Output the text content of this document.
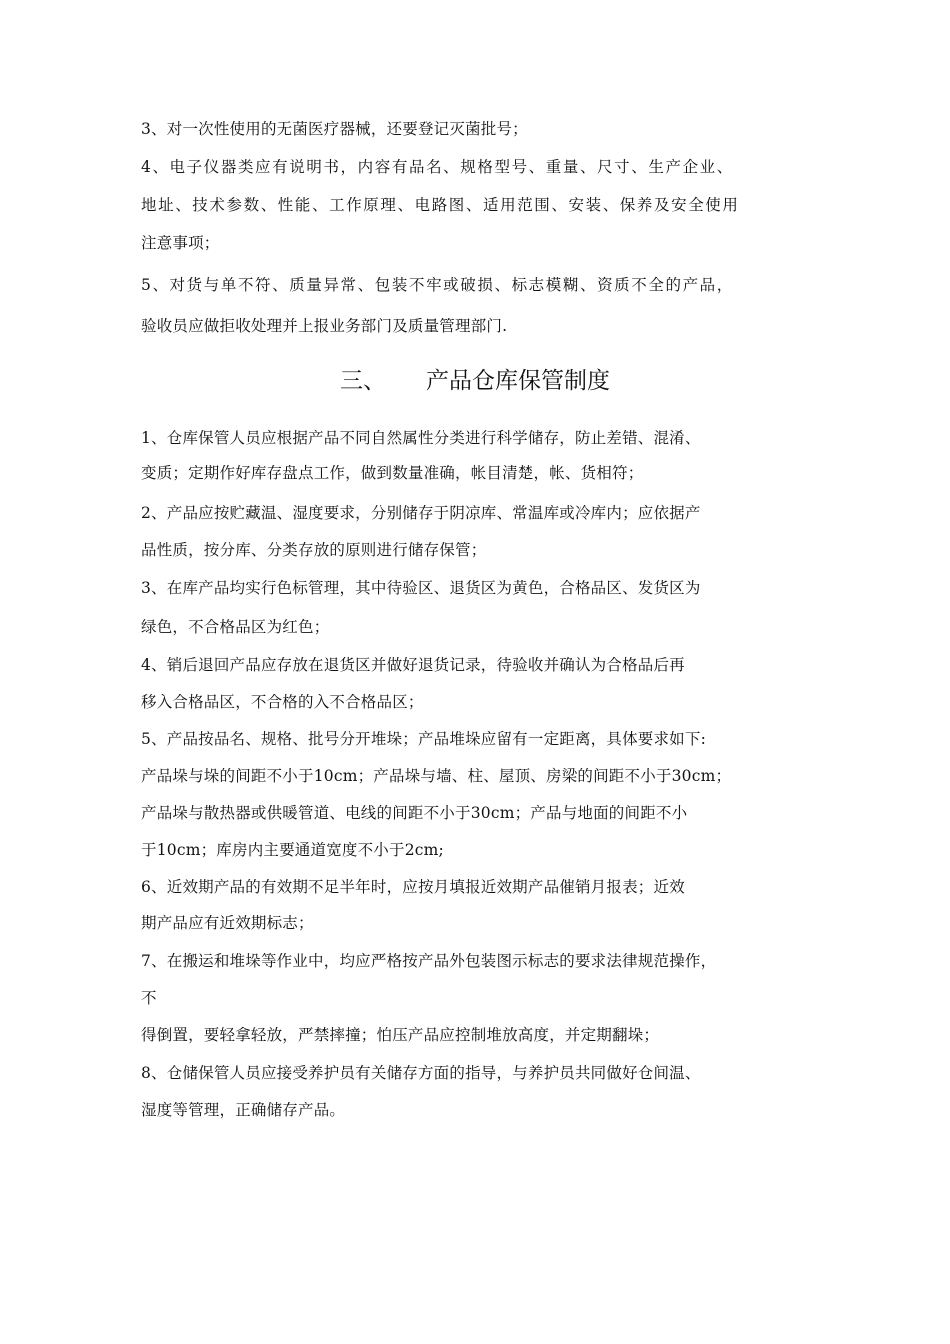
3、对一次性使用的无菌医疗器械，还要登记灭菌批号；
4、电子仪器类应有说明书，内容有品名、规格型号、重量、尺寸、生产企业、
地址、技术参数、性能、工作原理、电路图、适用范围、安装、保养及安全使用
注意事项；
5、对货与单不符、质量异常、包装不牢或破损、标志模糊、资质不全的产品，
验收员应做拒收处理并上报业务部门及质量管理部门.
三、 产品仓库保管制度
1、仓库保管人员应根据产品不同自然属性分类进行科学储存，防止差错、混淆、
变质；定期作好库存盘点工作，做到数量准确，帐目清楚，帐、货相符；
2、产品应按贮藏温、湿度要求，分别储存于阴凉库、常温库或冷库内；应依据产
品性质，按分库、分类存放的原则进行储存保管；
3、在库产品均实行色标管理，其中待验区、退货区为黄色，合格品区、发货区为
绿色，不合格品区为红色；
4、销后退回产品应存放在退货区并做好退货记录，待验收并确认为合格品后再
移入合格品区，不合格的入不合格品区；
5、产品按品名、规格、批号分开堆垛；产品堆垛应留有一定距离，具体要求如下:
产品垛与垛的间距不小于10cm；产品垛与墙、柱、屋顶、房梁的间距不小于30cm；
产品垛与散热器或供暖管道、电线的间距不小于30cm；产品与地面的间距不小
于10cm；库房内主要通道宽度不小于2cm;
6、近效期产品的有效期不足半年时，应按月填报近效期产品催销月报表；近效
期产品应有近效期标志；
7、在搬运和堆垛等作业中，均应严格按产品外包装图示标志的要求法律规范操作，
不
得倒置，要轻拿轻放，严禁摔撞；怕压产品应控制堆放高度，并定期翻垛；
8、仓储保管人员应接受养护员有关储存方面的指导，与养护员共同做好仓间温、
湿度等管理，正确储存产品。
